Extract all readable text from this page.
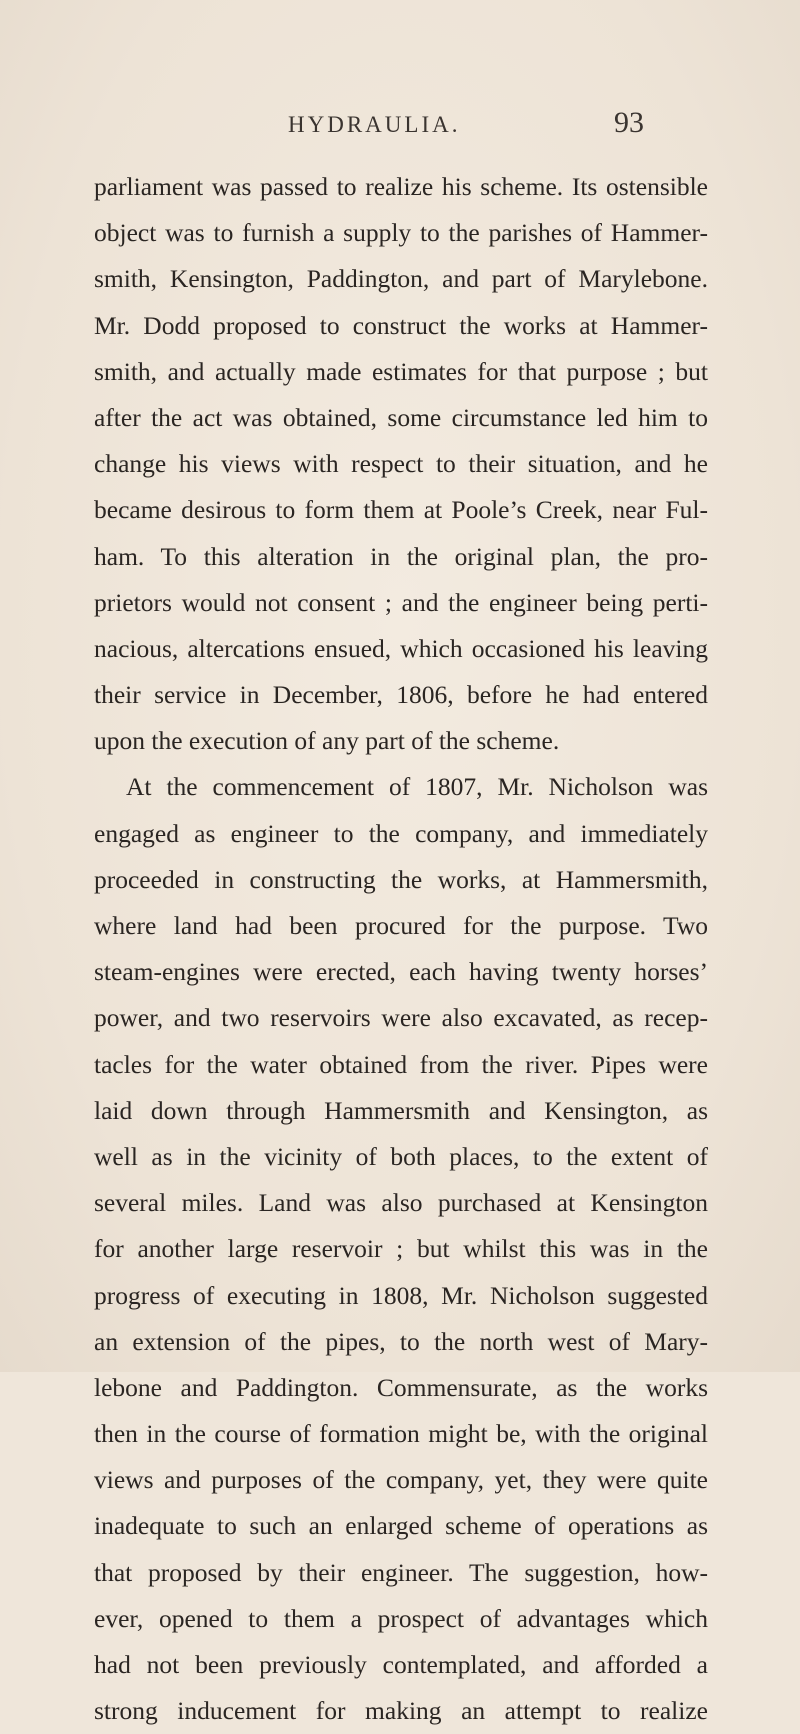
HYDRAULIA.	93
parliament was passed to realize his scheme. Its ostensible
object was to furnish a supply to the parishes of Hammer-
smith, Kensington, Paddington, and part of Marylebone.
Mr. Dodd proposed to construct the works at Hammer-
smith, and actually made estimates for that purpose ; but
after the act was obtained, some circumstance led him to
change his views with respect to their situation, and he
became desirous to form them at Poole’s Creek, near Ful-
ham. To this alteration in the original plan, the pro-
prietors would not consent ; and the engineer being perti-
nacious, altercations ensued, which occasioned his leaving
their service in December, 1806, before he had entered
upon the execution of any part of the scheme.
At the commencement of 1807, Mr. Nicholson was
engaged as engineer to the company, and immediately
proceeded in constructing the works, at Hammersmith,
where land had been procured for the purpose. Two
steam-engines were erected, each having twenty horses’
power, and two reservoirs were also excavated, as recep-
tacles for the water obtained from the river. Pipes were
laid down through Hammersmith and Kensington, as
well as in the vicinity of both places, to the extent of
several miles. Land was also purchased at Kensington
for another large reservoir ; but whilst this was in the
progress of executing in 1808, Mr. Nicholson suggested
an extension of the pipes, to the north west of Mary-
lebone and Paddington. Commensurate, as the works
then in the course of formation might be, with the original
views and purposes of the company, yet, they were quite
inadequate to such an enlarged scheme of operations as
that proposed by their engineer. The suggestion, how-
ever, opened to them a prospect of advantages which
had not been previously contemplated, and afforded a
strong inducement for making an attempt to realize
